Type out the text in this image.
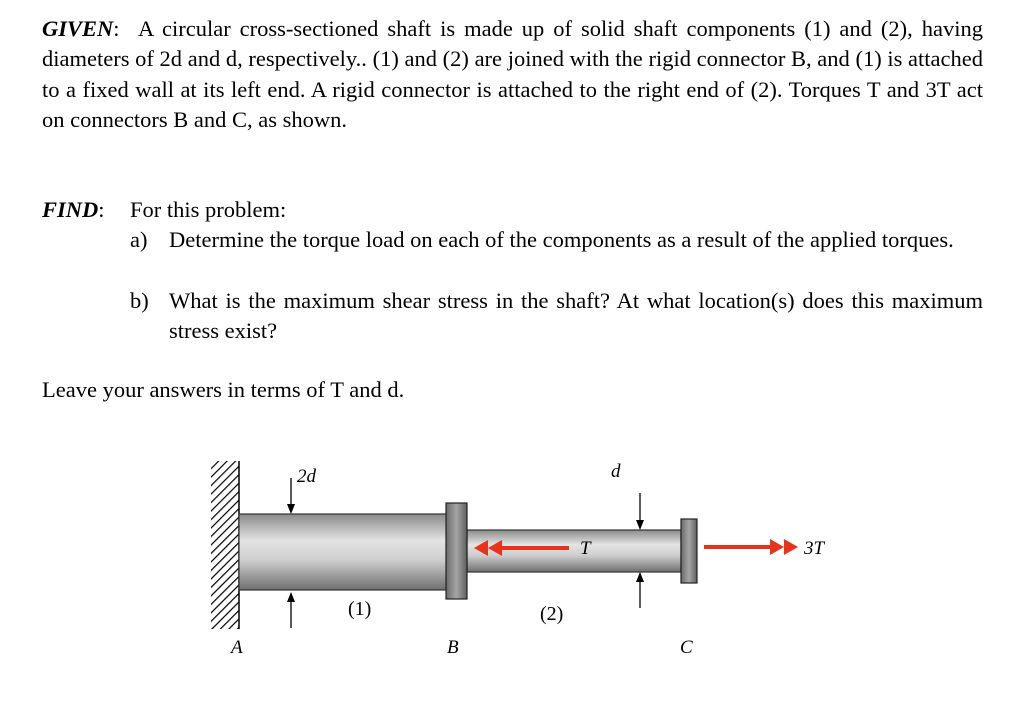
GIVEN: A circular cross-sectioned shaft is made up of solid shaft components (1) and (2), having diameters of 2d and d, respectively.. (1) and (2) are joined with the rigid connector B, and (1) is attached to a fixed wall at its left end. A rigid connector is attached to the right end of (2). Torques T and 3T act on connectors B and C, as shown.
FIND: For this problem:
a) Determine the torque load on each of the components as a result of the applied torques.
b) What is the maximum shear stress in the shaft? At what location(s) does this maximum stress exist?
Leave your answers in terms of T and d.
2d	d
T	3T
(1)	(2)
A	B	C
